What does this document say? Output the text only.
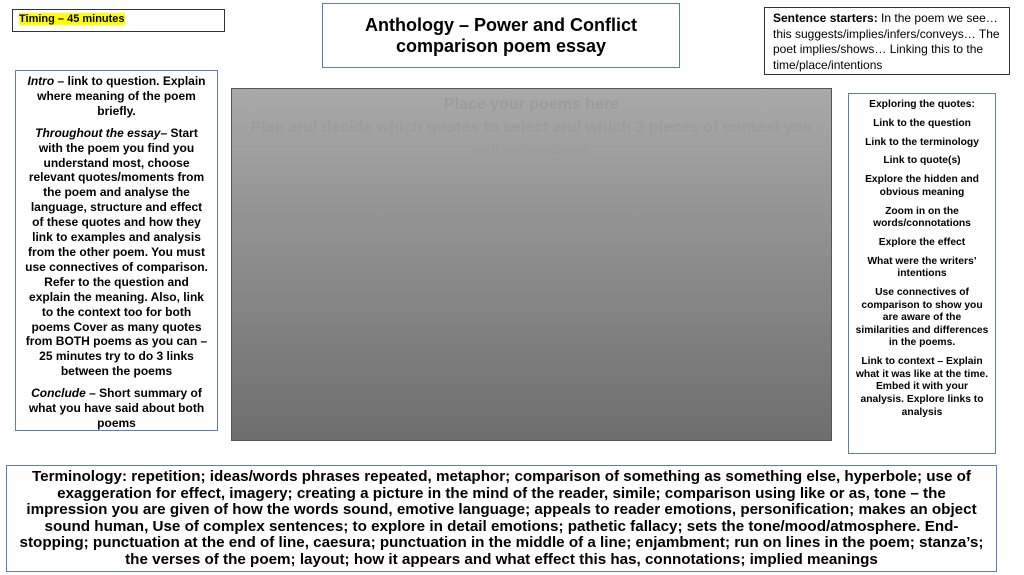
Timing – 45 minutes	Anthology – Power and Conflict
comparison poem essay
Sentence starters: In the poem we see… this suggests/implies/infers/conveys… The poet implies/shows… Linking this to the time/place/intentions

Intro – link to question. Explain where meaning of the poem briefly.

Throughout the essay– Start with the poem you find you understand most, choose relevant quotes/moments from the poem and analyse the language, structure and effect of these quotes and how they link to examples and analysis from the other poem. You must use connectives of comparison. Refer to the question and explain the meaning. Also, link to the context too for both poems Cover as many quotes from BOTH poems as you can – 25 minutes try to do 3 links between the poems

Conclude – Short summary of what you have said about both poems

Place your poems here
Plan and decide which quotes to select and which 3 pieces of context you will write about
Exploring the quotes:
Link to the question
Link to the terminology
Link to quote(s)
Explore the hidden and obvious meaning
Zoom in on the words/connotations
Explore the effect
What were the writers’ intentions
Use connectives of comparison to show you are aware of the similarities and differences in the poems.
Link to context – Explain what it was like at the time. Embed it with your analysis. Explore links to analysis
Terminology: repetition; ideas/words phrases repeated, metaphor; comparison of something as something else, hyperbole; use of exaggeration for effect, imagery; creating a picture in the mind of the reader, simile; comparison using like or as, tone – the impression you are given of how the words sound, emotive language; appeals to reader emotions, personification; makes an object sound human, Use of complex sentences; to explore in detail emotions; pathetic fallacy; sets the tone/mood/atmosphere. End-stopping; punctuation at the end of line, caesura; punctuation in the middle of a line; enjambment; run on lines in the poem; stanza’s; the verses of the poem; layout; how it appears and what effect this has, connotations; implied meanings
